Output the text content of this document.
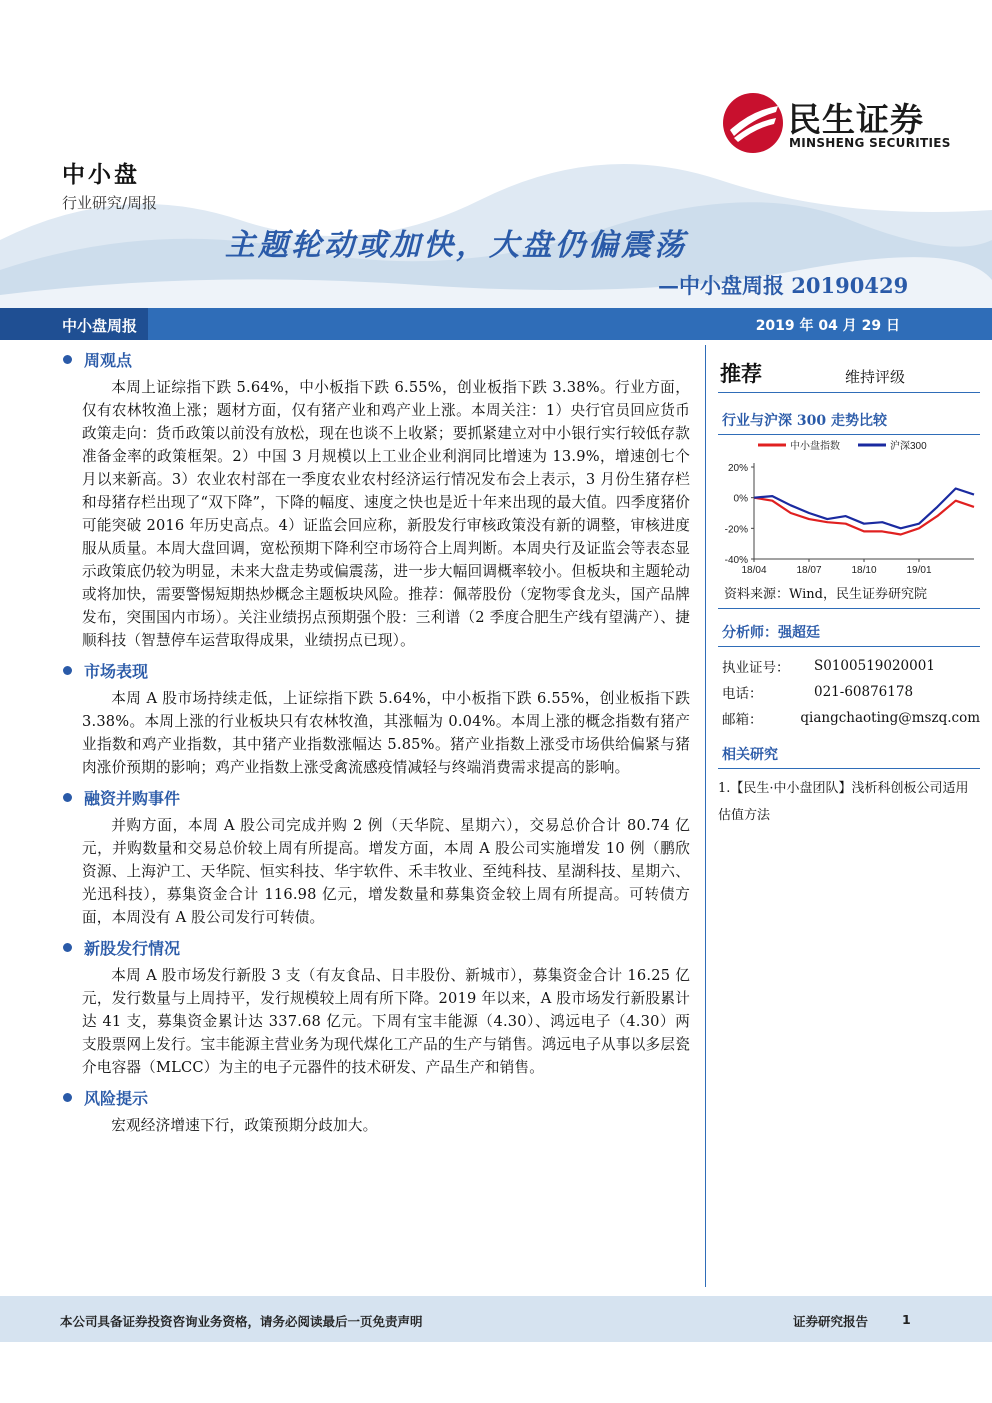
民生证券
MINSHENG SECURITIES
中小盘
行业研究/周报
主题轮动或加快，大盘仍偏震荡
—中小盘周报 20190429
中小盘周报	2019 年 04 月 29 日
周观点

本周上证综指下跌 5.64%，中小板指下跌 6.55%，创业板指下跌 3.38%。行业方面，仅有农林牧渔上涨；题材方面，仅有猪产业和鸡产业上涨。本周关注：1）央行官员回应货币政策走向：货币政策以前没有放松，现在也谈不上收紧；要抓紧建立对中小银行实行较低存款准备金率的政策框架。2）中国 3 月规模以上工业企业利润同比增速为 13.9%，增速创七个月以来新高。3）农业农村部在一季度农业农村经济运行情况发布会上表示，3 月份生猪存栏和母猪存栏出现了“双下降”，下降的幅度、速度之快也是近十年来出现的最大值。四季度猪价可能突破 2016 年历史高点。4）证监会回应称，新股发行审核政策没有新的调整，审核进度服从质量。本周大盘回调，宽松预期下降利空市场符合上周判断。本周央行及证监会等表态显示政策底仍较为明显，未来大盘走势或偏震荡，进一步大幅回调概率较小。但板块和主题轮动或将加快，需要警惕短期热炒概念主题板块风险。推荐：佩蒂股份（宠物零食龙头，国产品牌发布，突围国内市场）。关注业绩拐点预期强个股：三利谱（2 季度合肥生产线有望满产）、捷顺科技（智慧停车运营取得成果，业绩拐点已现）。

市场表现

本周 A 股市场持续走低，上证综指下跌 5.64%，中小板指下跌 6.55%，创业板指下跌 3.38%。本周上涨的行业板块只有农林牧渔，其涨幅为 0.04%。本周上涨的概念指数有猪产业指数和鸡产业指数，其中猪产业指数涨幅达 5.85%。猪产业指数上涨受市场供给偏紧与猪肉涨价预期的影响；鸡产业指数上涨受禽流感疫情减轻与终端消费需求提高的影响。

融资并购事件

并购方面，本周 A 股公司完成并购 2 例（天华院、星期六），交易总价合计 80.74 亿元，并购数量和交易总价较上周有所提高。增发方面，本周 A 股公司实施增发 10 例（鹏欣资源、上海沪工、天华院、恒实科技、华宇软件、禾丰牧业、至纯科技、星湖科技、星期六、光迅科技），募集资金合计 116.98 亿元，增发数量和募集资金较上周有所提高。可转债方面，本周没有 A 股公司发行可转债。

新股发行情况

本周 A 股市场发行新股 3 支（有友食品、日丰股份、新城市），募集资金合计 16.25 亿元，发行数量与上周持平，发行规模较上周有所下降。2019 年以来，A 股市场发行新股累计达 41 支，募集资金累计达 337.68 亿元。下周有宝丰能源（4.30）、鸿远电子（4.30）两支股票网上发行。宝丰能源主营业务为现代煤化工产品的生产与销售。鸿远电子从事以多层瓷介电容器（MLCC）为主的电子元器件的技术研发、产品生产和销售。

风险提示

宏观经济增速下行，政策预期分歧加大。

推荐	维持评级
行业与沪深 300 走势比较
20%
0%
-20%
-40%
18/04	18/07	18/10	19/01
中小盘指数	沪深300
资料来源：Wind，民生证券研究院
分析师：强超廷
执业证号：	S0100519020001
电话：	021-60876178
邮箱：	qiangchaoting@mszq.com
相关研究
1.【民生·中小盘团队】浅析科创板公司适用估值方法
本公司具备证券投资咨询业务资格，请务必阅读最后一页免责声明	证券研究报告	1
